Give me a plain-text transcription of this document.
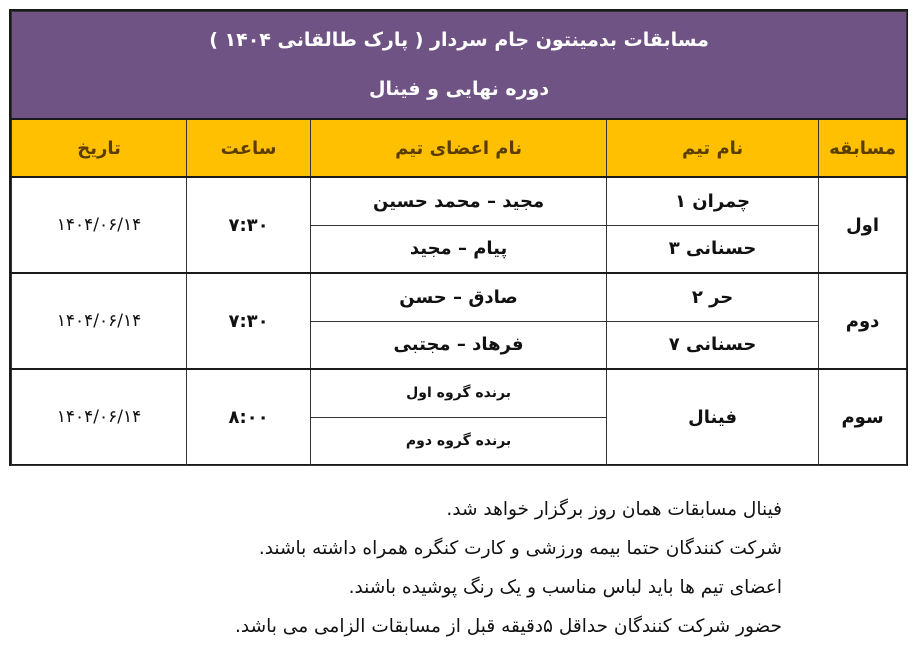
مسابقات بدمینتون جام سردار ( پارک طالقانی ۱۴۰۴ )
دوره نهایی و فینال				

مسابقه	نام تیم	نام اعضای تیم	ساعت	تاریخ
اول	چمران ۱	مجید – محمد حسین	۷:۳۰	۱۴۰۴/۰۶/۱۴
	حسنانی ۳	پیام – مجید		
دوم	حر ۲	صادق – حسن	۷:۳۰	۱۴۰۴/۰۶/۱۴
	حسنانی ۷	فرهاد – مجتبی		
سوم	فینال	برنده گروه اول	۸:۰۰	۱۴۰۴/۰۶/۱۴
		برنده گروه دوم		
فینال مسابقات همان روز برگزار خواهد شد.
شرکت کنندگان حتما بیمه ورزشی و کارت کنگره همراه داشته باشند.
اعضای تیم ها باید لباس مناسب و یک رنگ پوشیده باشند.
حضور شرکت کنندگان حداقل ۵دقیقه قبل از مسابقات الزامی می باشد.
